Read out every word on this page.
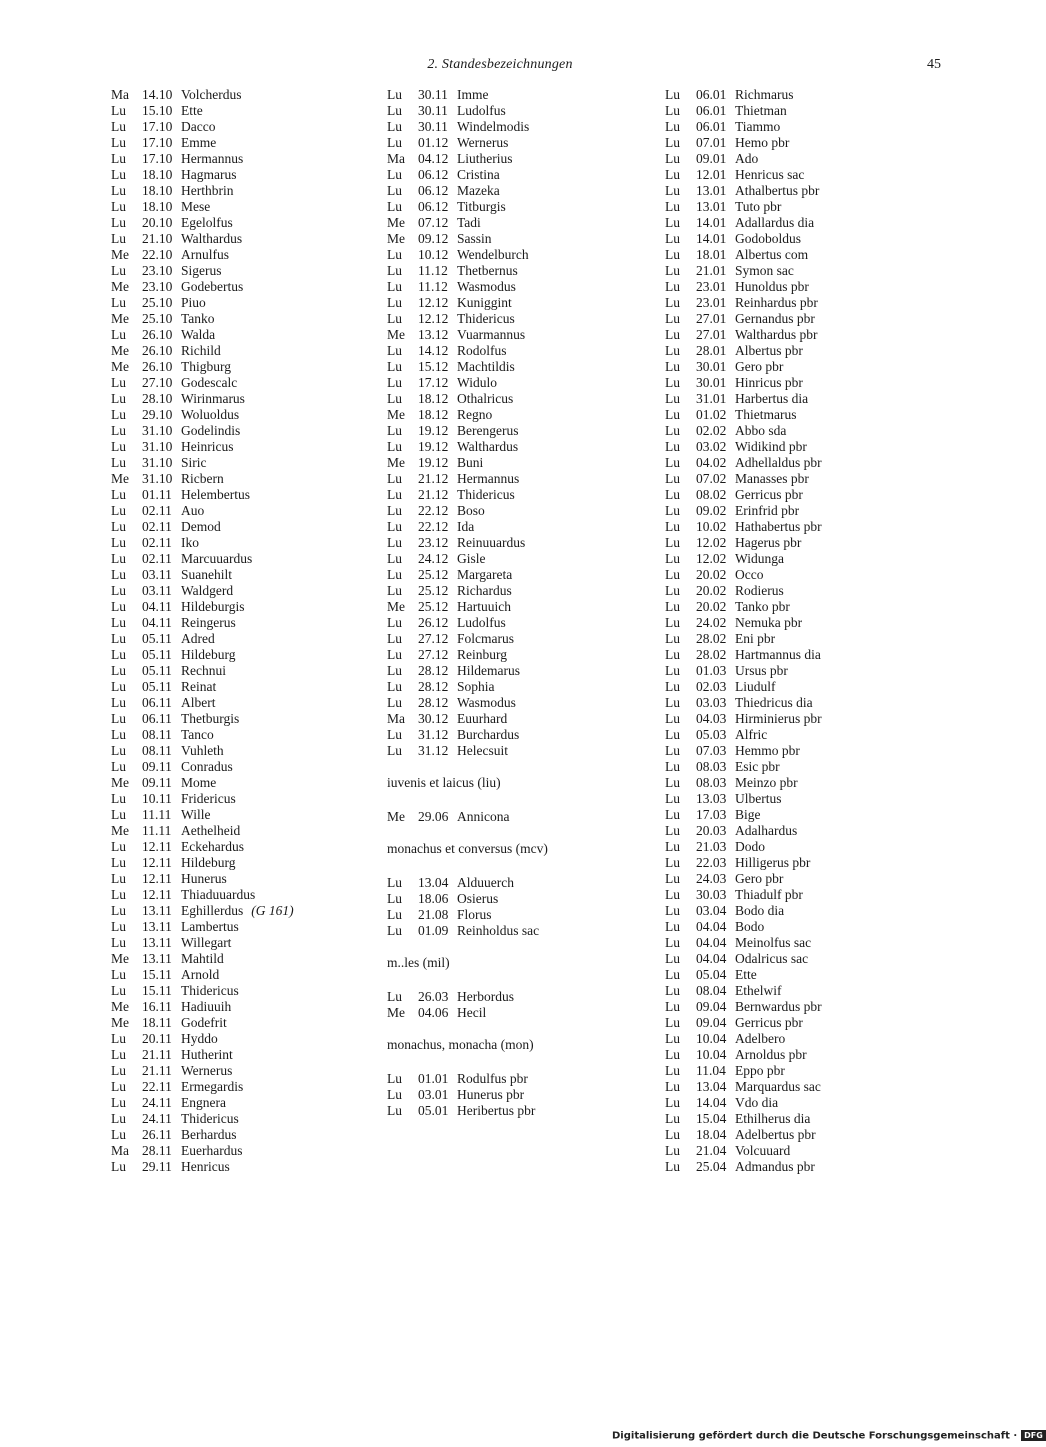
2. Standesbezeichnungen	45
Ma 14.10 Volcherdus
Lu 15.10 Ette
Lu 17.10 Dacco
Lu 17.10 Emme
Lu 17.10 Hermannus
Lu 18.10 Hagmarus
Lu 18.10 Herthbrin
Lu 18.10 Mese
Lu 20.10 Egelolfus
Lu 21.10 Walthardus
Me 22.10 Arnulfus
Lu 23.10 Sigerus
Me 23.10 Godebertus
Lu 25.10 Piuo
Me 25.10 Tanko
Lu 26.10 Walda
Me 26.10 Richild
Me 26.10 Thigburg
Lu 27.10 Godescalc
Lu 28.10 Wirinmarus
Lu 29.10 Woluoldus
Lu 31.10 Godelindis
Lu 31.10 Heinricus
Lu 31.10 Siric
Me 31.10 Ricbern
Lu 01.11 Helembertus
Lu 02.11 Auo
Lu 02.11 Demod
Lu 02.11 Iko
Lu 02.11 Marcuuardus
Lu 03.11 Suanehilt
Lu 03.11 Waldgerd
Lu 04.11 Hildeburgis
Lu 04.11 Reingerus
Lu 05.11 Adred
Lu 05.11 Hildeburg
Lu 05.11 Rechnui
Lu 05.11 Reinat
Lu 06.11 Albert
Lu 06.11 Thetburgis
Lu 08.11 Tanco
Lu 08.11 Vuhleth
Lu 09.11 Conradus
Me 09.11 Mome
Lu 10.11 Fridericus
Lu 11.11 Wille
Me 11.11 Aethelheid
Lu 12.11 Eckehardus
Lu 12.11 Hildeburg
Lu 12.11 Hunerus
Lu 12.11 Thiaduuardus
Lu 13.11 Eghillerdus (G 161)
Lu 13.11 Lambertus
Lu 13.11 Willegart
Me 13.11 Mahtild
Lu 15.11 Arnold
Lu 15.11 Thidericus
Me 16.11 Hadiuuih
Me 18.11 Godefrit
Lu 20.11 Hyddo
Lu 21.11 Hutherint
Lu 21.11 Wernerus
Lu 22.11 Ermegardis
Lu 24.11 Engnera
Lu 24.11 Thidericus
Lu 26.11 Berhardus
Ma 28.11 Euerhardus
Lu 29.11 Henricus
Lu 30.11 Imme
Lu 30.11 Ludolfus
Lu 30.11 Windelmodis
Lu 01.12 Wernerus
Ma 04.12 Liutherius
Lu 06.12 Cristina
Lu 06.12 Mazeka
Lu 06.12 Titburgis
Me 07.12 Tadi
Me 09.12 Sassin
Lu 10.12 Wendelburch
Lu 11.12 Thetbernus
Lu 11.12 Wasmodus
Lu 12.12 Kuniggint
Lu 12.12 Thidericus
Me 13.12 Vuarmannus
Lu 14.12 Rodolfus
Lu 15.12 Machtildis
Lu 17.12 Widulo
Lu 18.12 Othalricus
Me 18.12 Regno
Lu 19.12 Berengerus
Lu 19.12 Walthardus
Me 19.12 Buni
Lu 21.12 Hermannus
Lu 21.12 Thidericus
Lu 22.12 Boso
Lu 22.12 Ida
Lu 23.12 Reinuuardus
Lu 24.12 Gisle
Lu 25.12 Margareta
Lu 25.12 Richardus
Me 25.12 Hartuuich
Lu 26.12 Ludolfus
Lu 27.12 Folcmarus
Lu 27.12 Reinburg
Lu 28.12 Hildemarus
Lu 28.12 Sophia
Lu 28.12 Wasmodus
Ma 30.12 Euurhard
Lu 31.12 Burchardus
Lu 31.12 Helecsuit
iuvenis et laicus (liu)
Me 29.06 Annicona
monachus et conversus (mcv)
Lu 13.04 Alduuerch
Lu 18.06 Osierus
Lu 21.08 Florus
Lu 01.09 Reinholdus sac
m..les (mil)
Lu 26.03 Herbordus
Me 04.06 Hecil
monachus, monacha (mon)
Lu 01.01 Rodulfus pbr
Lu 03.01 Hunerus pbr
Lu 05.01 Heribertus pbr
Lu 06.01 Richmarus
Lu 06.01 Thietman
Lu 06.01 Tiammo
Lu 07.01 Hemo pbr
Lu 09.01 Ado
Lu 12.01 Henricus sac
Lu 13.01 Athalbertus pbr
Lu 13.01 Tuto pbr
Lu 14.01 Adallardus dia
Lu 14.01 Godoboldus
Lu 18.01 Albertus com
Lu 21.01 Symon sac
Lu 23.01 Hunoldus pbr
Lu 23.01 Reinhardus pbr
Lu 27.01 Gernandus pbr
Lu 27.01 Walthardus pbr
Lu 28.01 Albertus pbr
Lu 30.01 Gero pbr
Lu 30.01 Hinricus pbr
Lu 31.01 Harbertus dia
Lu 01.02 Thietmarus
Lu 02.02 Abbo sda
Lu 03.02 Widikind pbr
Lu 04.02 Adhellaldus pbr
Lu 07.02 Manasses pbr
Lu 08.02 Gerricus pbr
Lu 09.02 Erinfrid pbr
Lu 10.02 Hathabertus pbr
Lu 12.02 Hagerus pbr
Lu 12.02 Widunga
Lu 20.02 Occo
Lu 20.02 Rodierus
Lu 20.02 Tanko pbr
Lu 24.02 Nemuka pbr
Lu 28.02 Eni pbr
Lu 28.02 Hartmannus dia
Lu 01.03 Ursus pbr
Lu 02.03 Liudulf
Lu 03.03 Thiedricus dia
Lu 04.03 Hirminierus pbr
Lu 05.03 Alfric
Lu 07.03 Hemmo pbr
Lu 08.03 Esic pbr
Lu 08.03 Meinzo pbr
Lu 13.03 Ulbertus
Lu 17.03 Bige
Lu 20.03 Adalhardus
Lu 21.03 Dodo
Lu 22.03 Hilligerus pbr
Lu 24.03 Gero pbr
Lu 30.03 Thiadulf pbr
Lu 03.04 Bodo dia
Lu 04.04 Bodo
Lu 04.04 Meinolfus sac
Lu 04.04 Odalricus sac
Lu 05.04 Ette
Lu 08.04 Ethelwif
Lu 09.04 Bernwardus pbr
Lu 09.04 Gerricus pbr
Lu 10.04 Adelbero
Lu 10.04 Arnoldus pbr
Lu 11.04 Eppo pbr
Lu 13.04 Marquardus sac
Lu 14.04 Vdo dia
Lu 15.04 Ethilherus dia
Lu 18.04 Adelbertus pbr
Lu 21.04 Volcuuard
Lu 25.04 Admandus pbr
Digitalisierung gefördert durch die Deutsche Forschungsgemeinschaft · DFG
